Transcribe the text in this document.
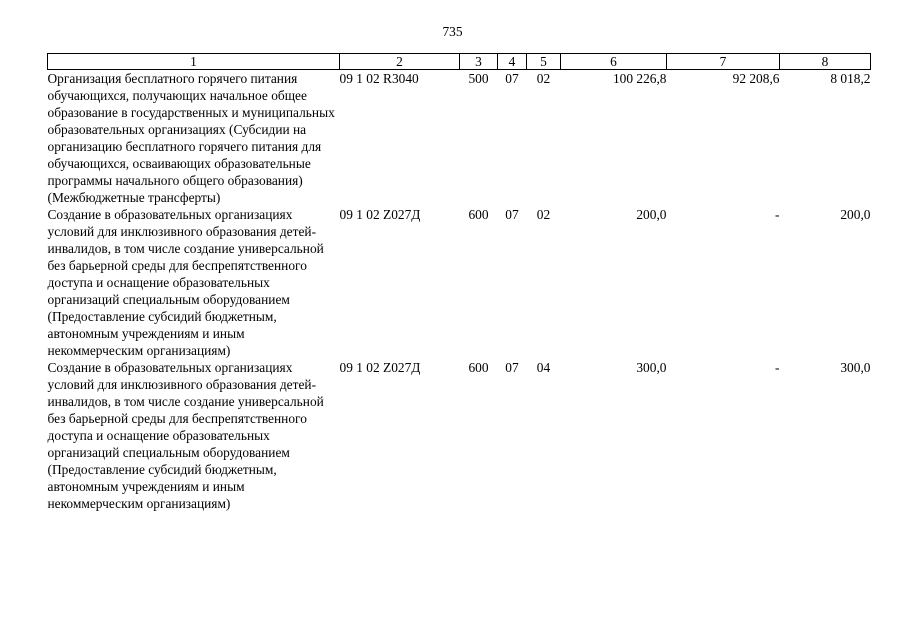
735
1	2	3	4	5	6	7	8
Организация бесплатного горячего питания обучающихся, получающих начальное общее образование в государственных и муниципальных образовательных организациях (Субсидии на организацию бесплатного горячего питания для обучающихся, осваивающих образовательные программы начального общего образования) (Межбюджетные трансферты)	09 1 02 R3040	500	07	02	100 226,8	92 208,6	8 018,2
Создание в образовательных организациях условий для инклюзивного образования детей-инвалидов, в том числе создание универсальной без барьерной среды для беспрепятственного доступа и оснащение образовательных организаций специальным оборудованием (Предоставление субсидий бюджетным, автономным учреждениям и иным некоммерческим организациям)	09 1 02 Z027Д	600	07	02	200,0	-	200,0
Создание в образовательных организациях условий для инклюзивного образования детей-инвалидов, в том числе создание универсальной без барьерной среды для беспрепятственного доступа и оснащение образовательных организаций специальным оборудованием (Предоставление субсидий бюджетным, автономным учреждениям и иным некоммерческим организациям)	09 1 02 Z027Д	600	07	04	300,0	-	300,0
